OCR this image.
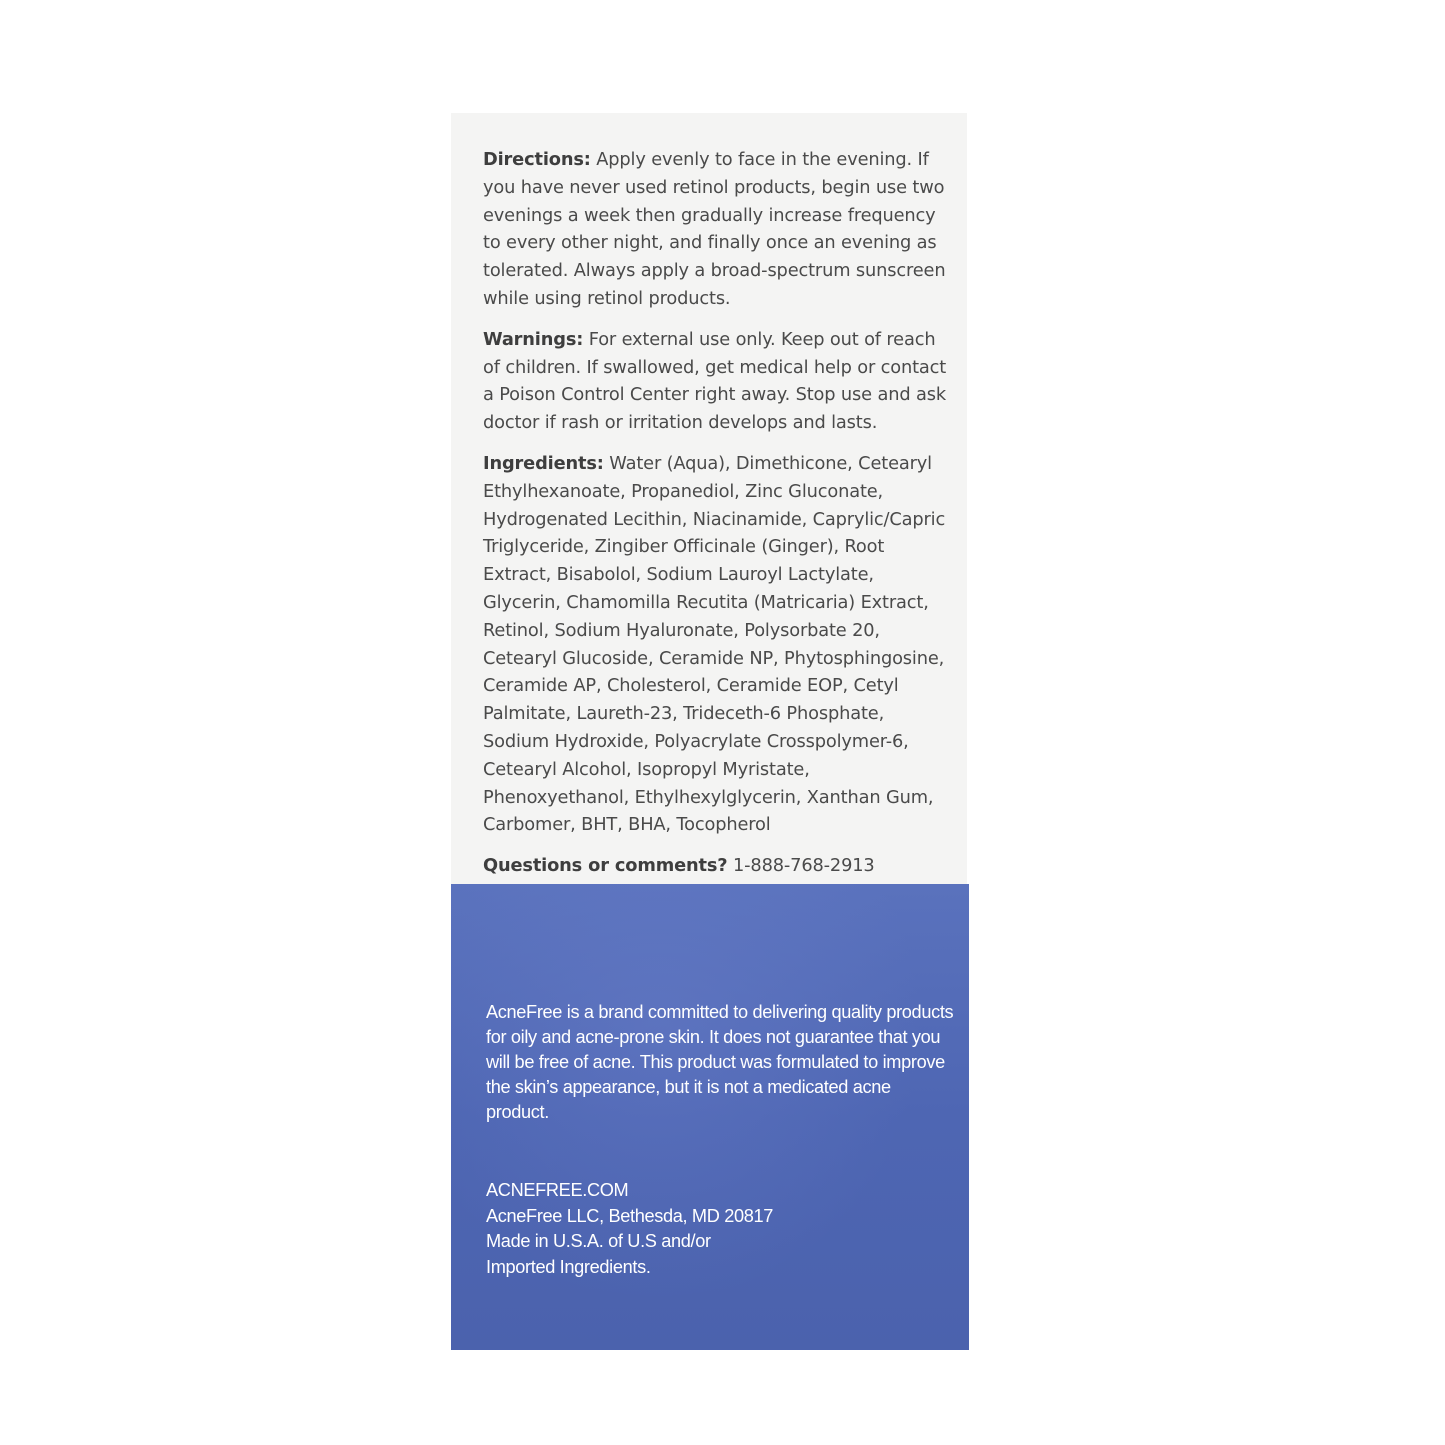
Directions: Apply evenly to face in the evening. If you have never used retinol products, begin use two evenings a week then gradually increase frequency to every other night, and finally once an evening as tolerated. Always apply a broad-spectrum sunscreen while using retinol products.

Warnings: For external use only. Keep out of reach of children. If swallowed, get medical help or contact a Poison Control Center right away. Stop use and ask doctor if rash or irritation develops and lasts.

Ingredients: Water (Aqua), Dimethicone, Cetearyl Ethylhexanoate, Propanediol, Zinc Gluconate, Hydrogenated Lecithin, Niacinamide, Caprylic/Capric Triglyceride, Zingiber Officinale (Ginger), Root Extract, Bisabolol, Sodium Lauroyl Lactylate, Glycerin, Chamomilla Recutita (Matricaria) Extract, Retinol, Sodium Hyaluronate, Polysorbate 20, Cetearyl Glucoside, Ceramide NP, Phytosphingosine, Ceramide AP, Cholesterol, Ceramide EOP, Cetyl Palmitate, Laureth-23, Trideceth-6 Phosphate, Sodium Hydroxide, Polyacrylate Crosspolymer-6, Cetearyl Alcohol, Isopropyl Myristate, Phenoxyethanol, Ethylhexylglycerin, Xanthan Gum, Carbomer, BHT, BHA, Tocopherol

Questions or comments? 1-888-768-2913

AcneFree is a brand committed to delivering quality products for oily and acne-prone skin. It does not guarantee that you will be free of acne. This product was formulated to improve the skin’s appearance, but it is not a medicated acne product.

ACNEFREE.COM
AcneFree LLC, Bethesda, MD 20817
Made in U.S.A. of U.S and/or
Imported Ingredients.
